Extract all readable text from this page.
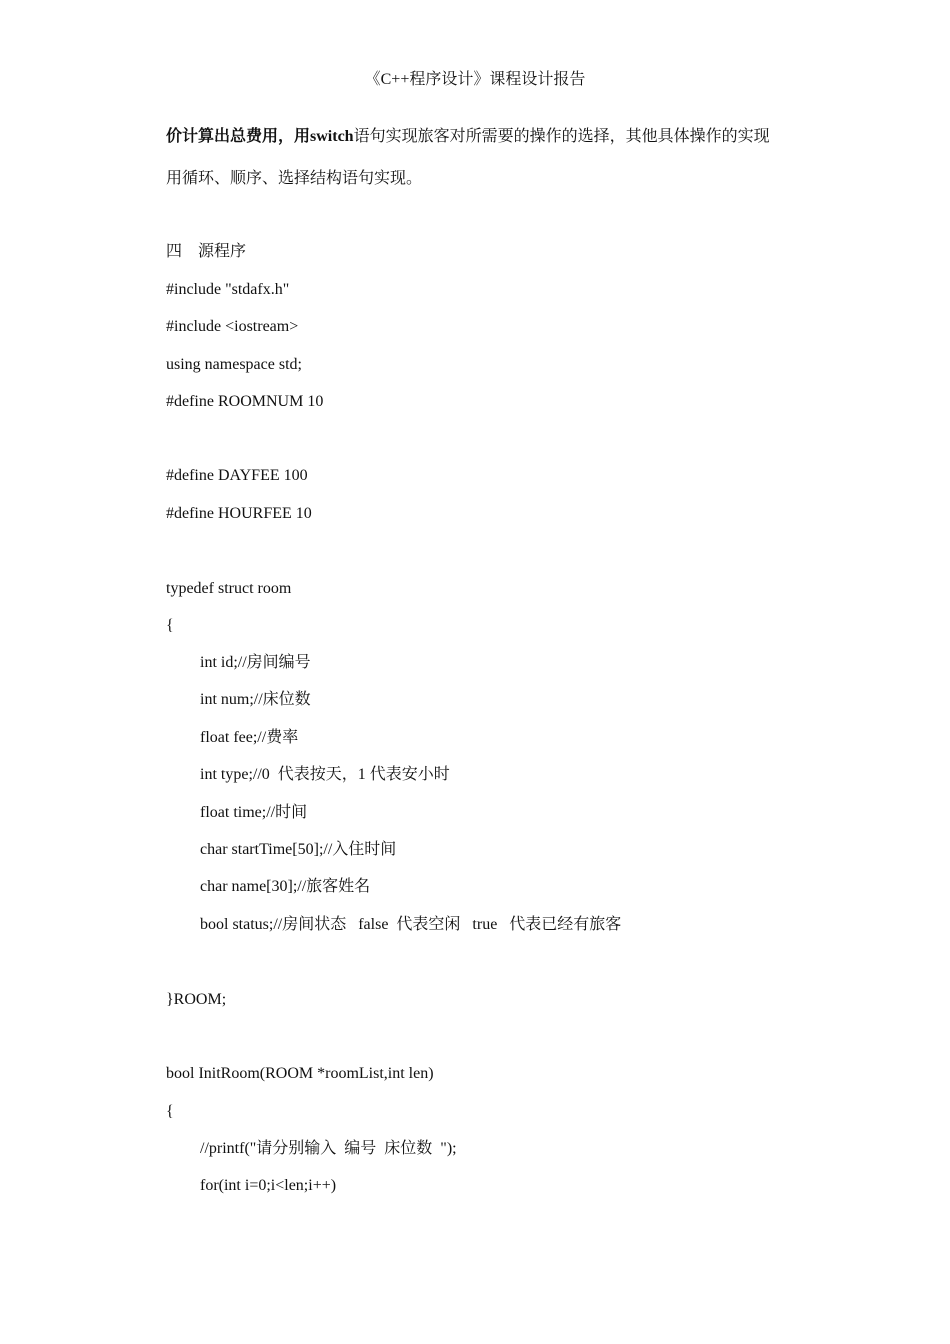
《C++程序设计》课程设计报告
价计算出总费用，用switch语句实现旅客对所需要的操作的选择，其他具体操作的实现
用循环、顺序、选择结构语句实现。
四    源程序
#include "stdafx.h"
#include <iostream>
using namespace std;
#define ROOMNUM 10
#define DAYFEE 100
#define HOURFEE 10
typedef struct room
{
int id;//房间编号
int num;//床位数
float fee;//费率
int type;//0  代表按天，1 代表安小时
float time;//时间
char startTime[50];//入住时间
char name[30];//旅客姓名
bool status;//房间状态   false  代表空闲   true   代表已经有旅客
}ROOM;
bool InitRoom(ROOM *roomList,int len)
{
//printf("请分别输入  编号  床位数  ");
for(int i=0;i<len;i++)
